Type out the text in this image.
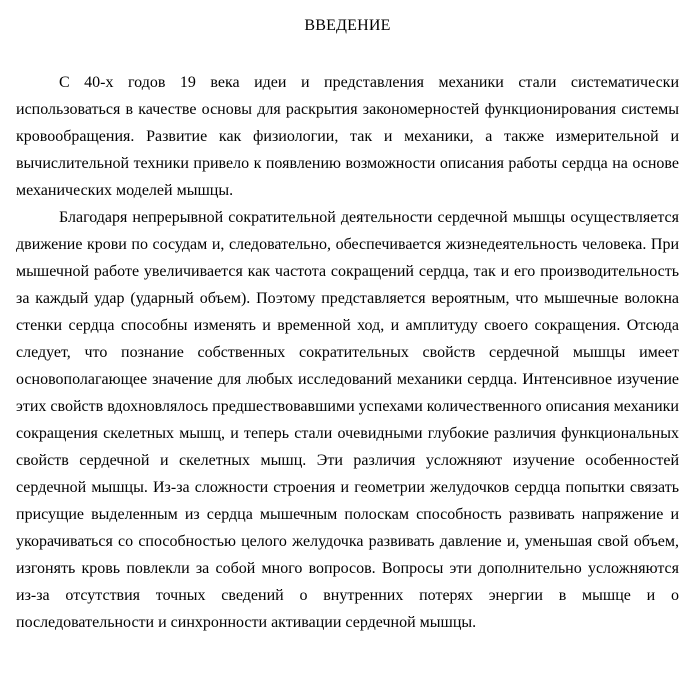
ВВЕДЕНИЕ

С 40-х годов 19 века идеи и представления механики стали систематически использоваться в качестве основы для раскрытия закономерностей функционирования системы кровообращения. Развитие как физиологии, так и механики, а также измерительной и вычислительной техники привело к появлению возможности описания работы сердца на основе механических моделей мышцы.

Благодаря непрерывной сократительной деятельности сердечной мышцы осуществляется движение крови по сосудам и, следовательно, обеспечивается жизнедеятельность человека. При мышечной работе увеличивается как частота сокращений сердца, так и его производительность за каждый удар (ударный объем). Поэтому представляется вероятным, что мышечные волокна стенки сердца способны изменять и временной ход, и амплитуду своего сокращения. Отсюда следует, что познание собственных сократительных свойств сердечной мышцы имеет основополагающее значение для любых исследований механики сердца. Интенсивное изучение этих свойств вдохновлялось предшествовавшими успехами количественного описания механики сокращения скелетных мышц, и теперь стали очевидными глубокие различия функциональных свойств сердечной и скелетных мышц. Эти различия усложняют изучение особенностей сердечной мышцы. Из-за сложности строения и геометрии желудочков сердца попытки связать присущие выделенным из сердца мышечным полоскам способность развивать напряжение и укорачиваться со способностью целого желудочка развивать давление и, уменьшая свой объем, изгонять кровь повлекли за собой много вопросов. Вопросы эти дополнительно усложняются из-за отсутствия точных сведений о внутренних потерях энергии в мышце и о последовательности и синхронности активации сердечной мышцы.
